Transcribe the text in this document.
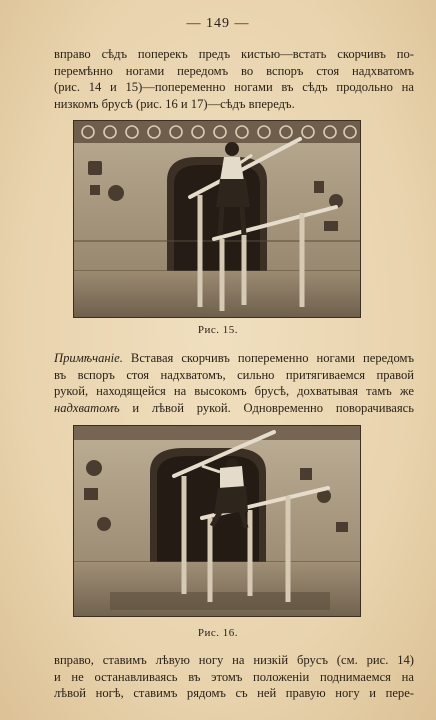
— 149 —
вправо сѣдъ поперекъ предъ кистью—встать скорчивъ по-
перемѣнно ногами передомъ во вспоръ стоя надхватомъ
(рис. 14 и 15)—попеременно ногами въ сѣдъ продольно на
низкомъ брусѣ (рис. 16 и 17)—сѣдъ впередъ.
Рис. 15.
Примѣчаніе. Вставая скорчивъ попеременно ногами передомъ
въ вспоръ стоя надхватомъ, сильно притягиваемся правой
рукой, находящейся на высокомъ брусѣ, дохватывая тамъ же
надхватомъ и лѣвой рукой. Одновременно поворачиваясь
Рис. 16.
вправо, ставимъ лѣвую ногу на низкій брусъ (см. рис. 14)
и не останавливаясь въ этомъ положеніи поднимаемся на
лѣвой ногѣ, ставимъ рядомъ съ ней правую ногу и пере-
